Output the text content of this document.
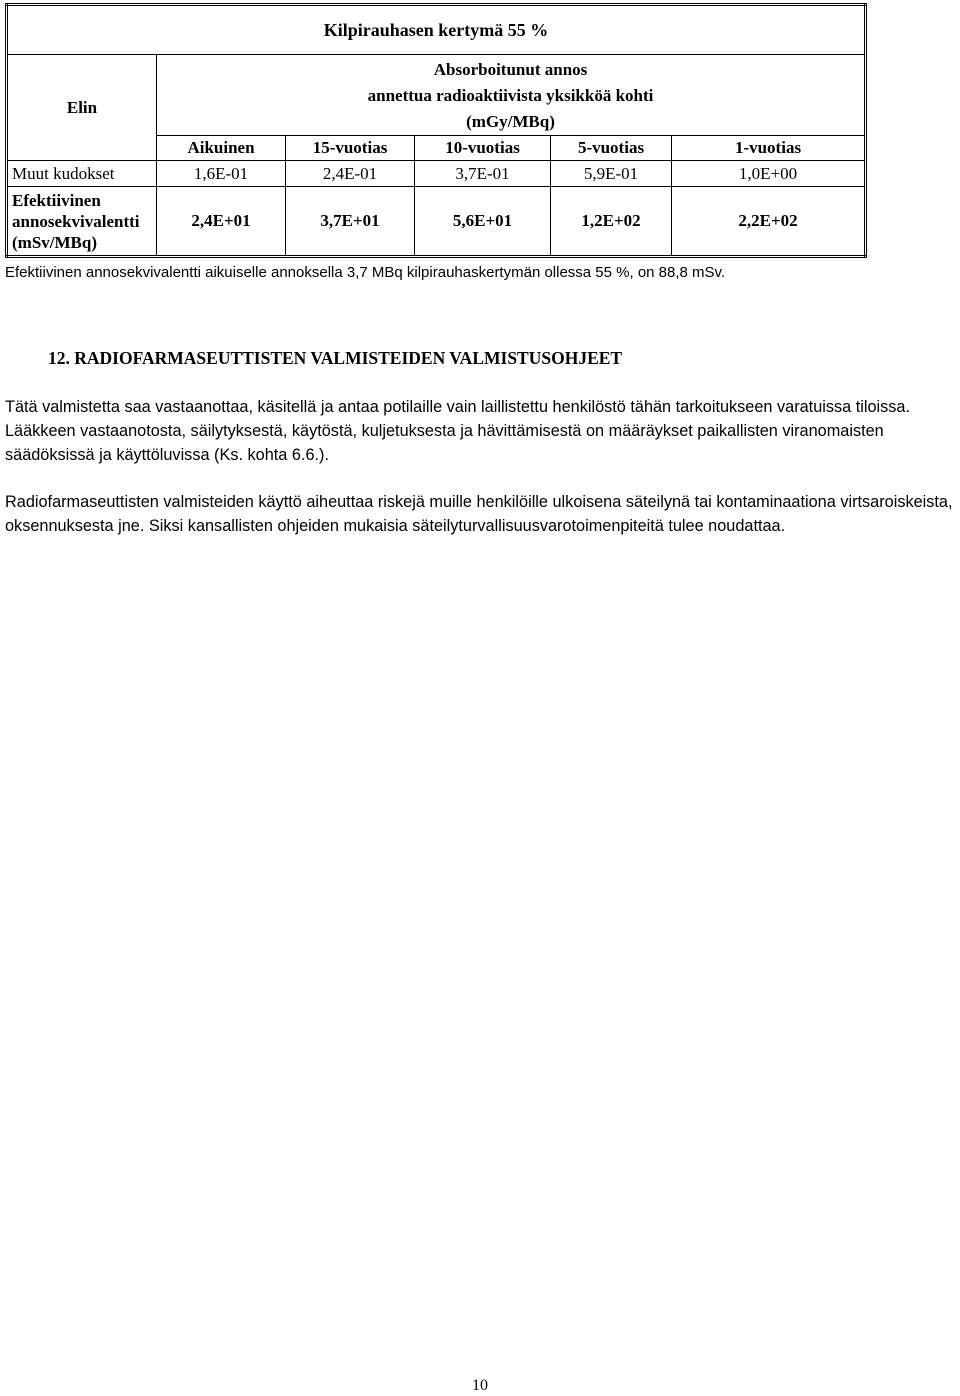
Kilpirauhasen kertymä 55 %					
Elin	Absorboitunut annos
annettua radioaktiivista yksikköä kohti
(mGy/MBq)				

	Aikuinen	15-vuotias	10-vuotias	5-vuotias	1-vuotias
Muut kudokset	1,6E-01	2,4E-01	3,7E-01	5,9E-01	1,0E+00

Efektiivinen
annosekvivalentti
(mSv/MBq)	2,4E+01	3,7E+01	5,6E+01	1,2E+02	2,2E+02
Efektiivinen annosekvivalentti aikuiselle annoksella 3,7 MBq kilpirauhaskertymän ollessa 55 %, on 88,8 mSv.
12. RADIOFARMASEUTTISTEN VALMISTEIDEN VALMISTUSOHJEET

Tätä valmistetta saa vastaanottaa, käsitellä ja antaa potilaille vain laillistettu henkilöstö tähän tarkoitukseen varatuissa tiloissa. Lääkkeen vastaanotosta, säilytyksestä, käytöstä, kuljetuksesta ja hävittämisestä on määräykset paikallisten viranomaisten säädöksissä ja käyttöluvissa (Ks. kohta 6.6.).

Radiofarmaseuttisten valmisteiden käyttö aiheuttaa riskejä muille henkilöille ulkoisena säteilynä tai kontaminaationa virtsaroiskeista, oksennuksesta jne. Siksi kansallisten ohjeiden mukaisia säteilyturvallisuusvarotoimenpiteitä tulee noudattaa.

10
